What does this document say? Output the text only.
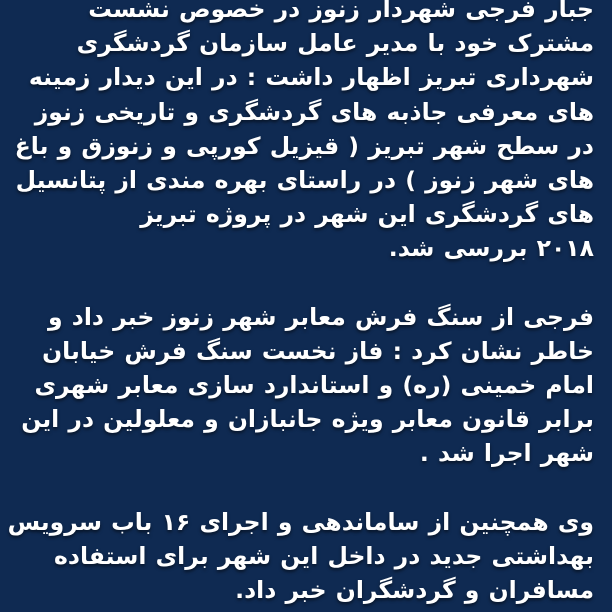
جبار فرجی شهردار زنوز در خصوص نشست
مشترک خود با مدیر عامل سازمان گردشگری
شهرداری تبریز اظهار داشت : در این دیدار زمینه
های معرفی جاذبه های گردشگری و تاریخی زنوز
در سطح شهر تبریز ( قیزیل کورپی و زنوزق و باغ
های شهر زنوز ) در راستای بهره مندی از پتانسیل
های گردشگری این شهر در پروژه تبریز
۲۰۱۸ بررسی شد.
فرجی از سنگ فرش معابر شهر زنوز خبر داد و
خاطر نشان کرد : فاز نخست سنگ فرش خیابان
امام خمینی (ره) و استاندارد سازی معابر شهری
برابر قانون معابر ویژه جانبازان و معلولین در این
شهر اجرا شد .
وی همچنین از ساماندهی و اجرای ۱۶ باب سرویس
بهداشتی جدید در داخل این شهر برای استفاده
مسافران و گردشگران خبر داد.
